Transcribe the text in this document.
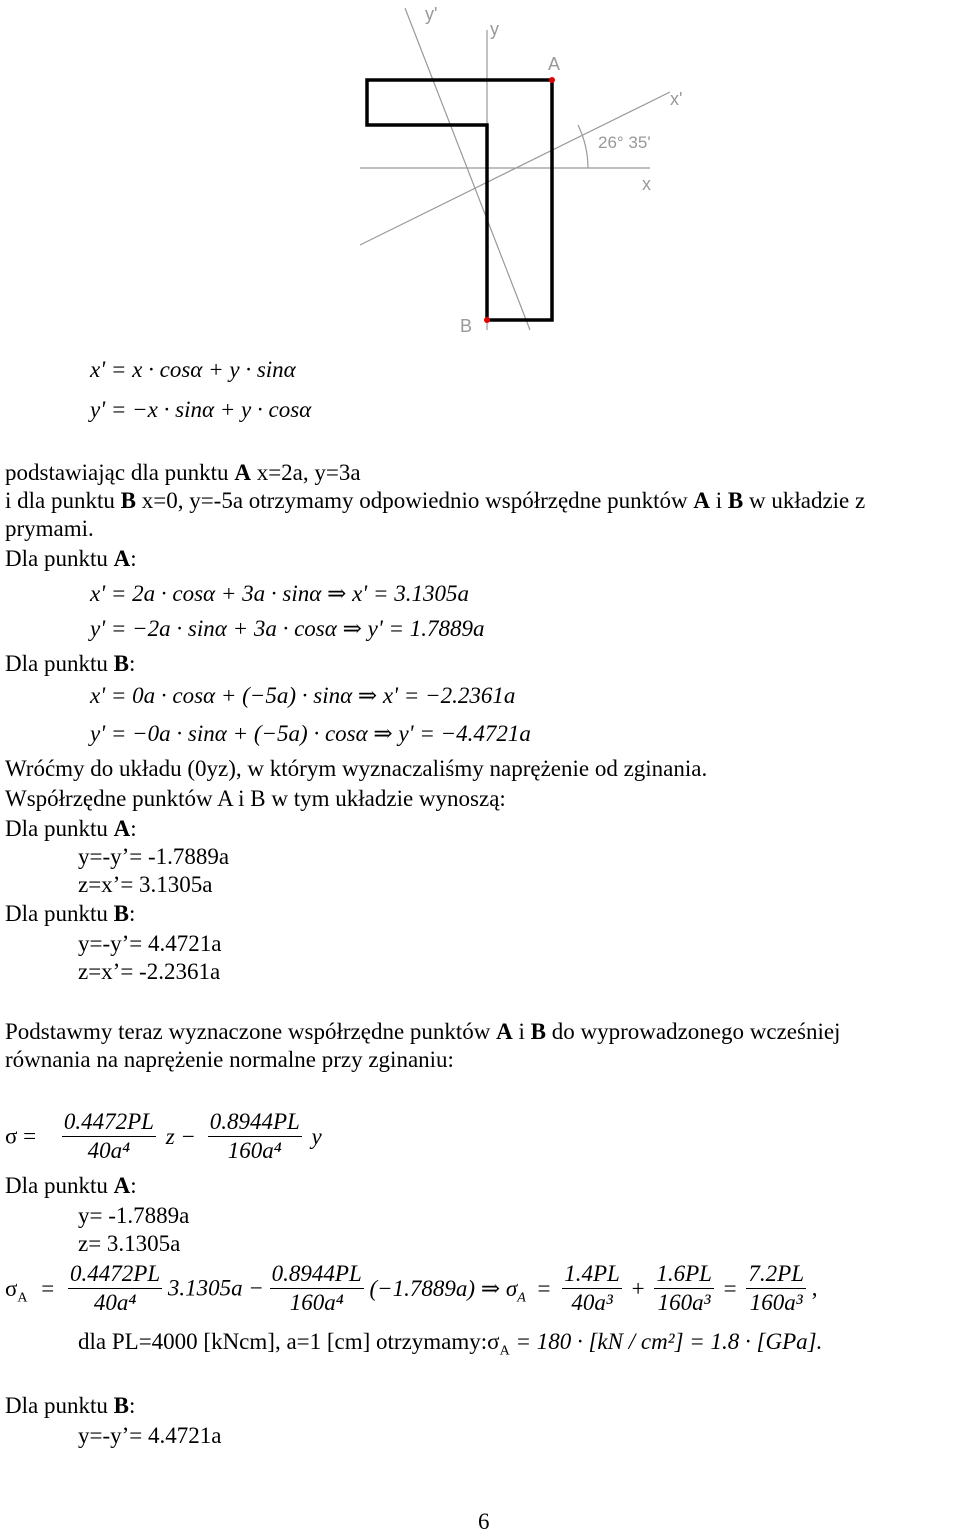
y'
y
A
x'
26° 35'
x
B
x' = x · cosα + y · sinα
y' = −x · sinα + y · cosα
podstawiając dla punktu A x=2a, y=3a
i dla punktu B x=0, y=-5a otrzymamy odpowiednio współrzędne punktów A i B w układzie z
prymami.
Dla punktu A:
x' = 2a · cosα + 3a · sinα ⇒ x' = 3.1305a
y' = −2a · sinα + 3a · cosα ⇒ y' = 1.7889a
Dla punktu B:
x' = 0a · cosα + (−5a) · sinα ⇒ x' = −2.2361a
y' = −0a · sinα + (−5a) · cosα ⇒ y' = −4.4721a
Wróćmy do układu (0yz), w którym wyznaczaliśmy naprężenie od zginania.
Współrzędne punktów A i B w tym układzie wynoszą:
Dla punktu A:
y=-y’= -1.7889a
z=x’= 3.1305a
Dla punktu B:
y=-y’= 4.4721a
z=x’= -2.2361a
Podstawmy teraz wyznaczone współrzędne punktów A i B do wyprowadzonego wcześniej
równania na naprężenie normalne przy zginaniu:
$\sigma = \frac{0.4472PL}{\text{40a⁴}}$ $z - \frac{0.8944PL}{\text{160a⁴}}$ y
Dla punktu A:
y= -1.7889a
z= 3.1305a
$\sigma_A = \frac{0.4472PL}{\text{40a⁴}} 3.1305a - \frac{0.8944PL}{\text{160a⁴}} (-1.7889a)$ ⇒ $\sigma_A = \frac{1.4PL}{\text{40a³}} + \frac{1.6PL}{\text{160a³}} = \frac{7.2PL}{\text{160a³}}$ ,
dla PL=4000 [kNcm], a=1 [cm] $otrzymamy:\sigma_A = 180 \cdot [kN / cm^2] = 1.8 \cdot [GPa]$.
Dla punktu B:
y=-y’= 4.4721a
6
